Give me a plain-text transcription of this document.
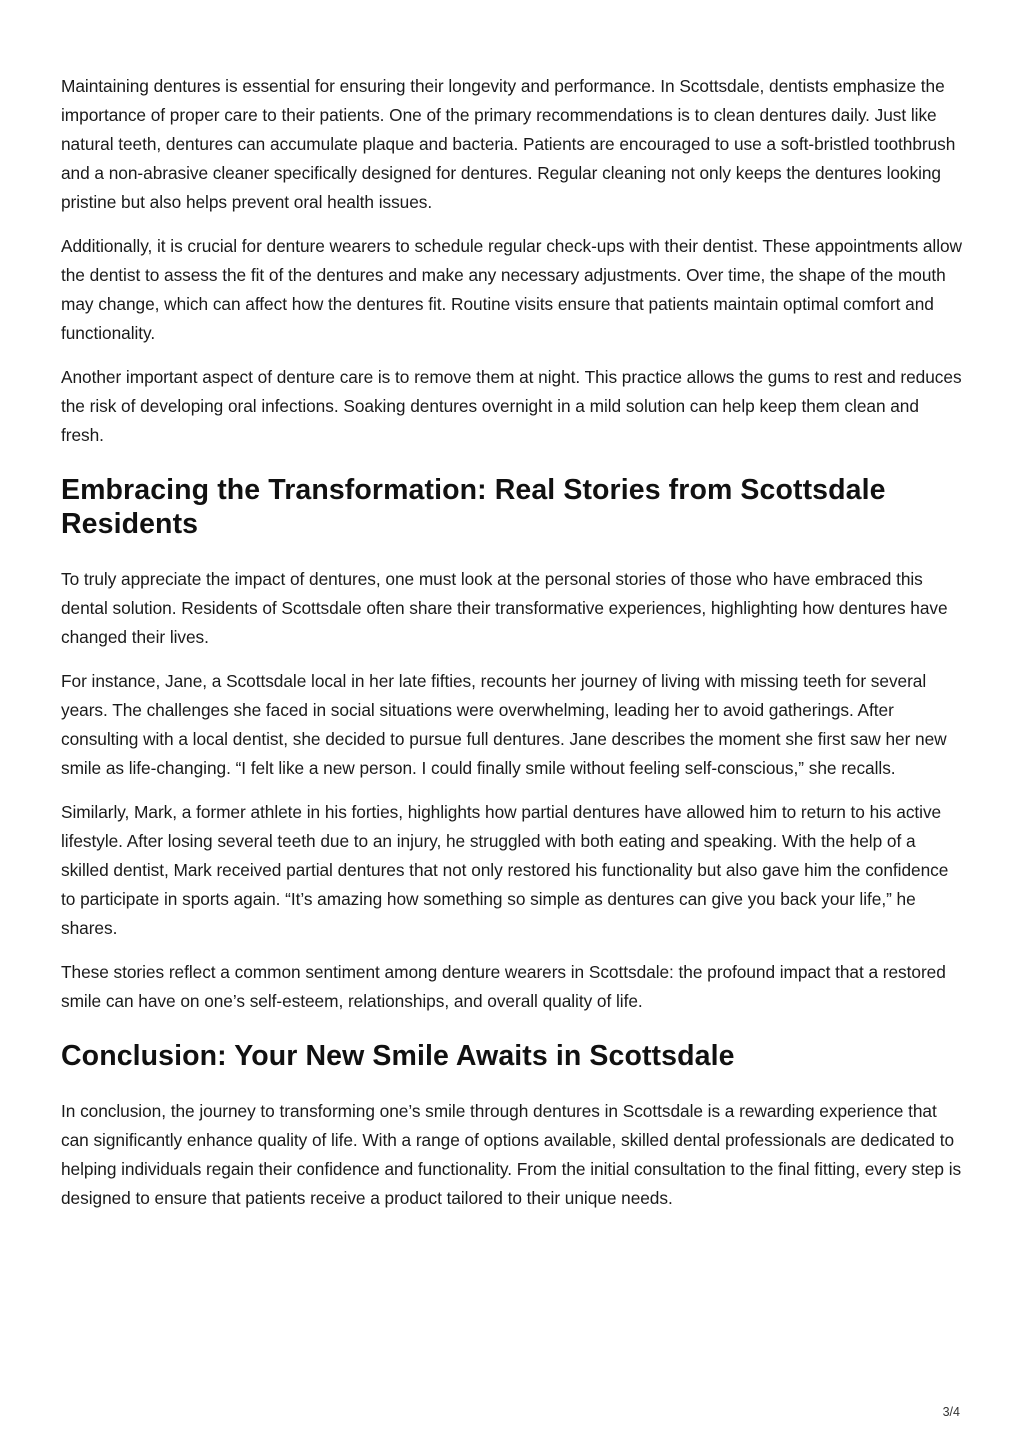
Maintaining dentures is essential for ensuring their longevity and performance. In Scottsdale, dentists emphasize the importance of proper care to their patients. One of the primary recommendations is to clean dentures daily. Just like natural teeth, dentures can accumulate plaque and bacteria. Patients are encouraged to use a soft-bristled toothbrush and a non-abrasive cleaner specifically designed for dentures. Regular cleaning not only keeps the dentures looking pristine but also helps prevent oral health issues.

Additionally, it is crucial for denture wearers to schedule regular check-ups with their dentist. These appointments allow the dentist to assess the fit of the dentures and make any necessary adjustments. Over time, the shape of the mouth may change, which can affect how the dentures fit. Routine visits ensure that patients maintain optimal comfort and functionality.

Another important aspect of denture care is to remove them at night. This practice allows the gums to rest and reduces the risk of developing oral infections. Soaking dentures overnight in a mild solution can help keep them clean and fresh.

Embracing the Transformation: Real Stories from Scottsdale Residents

To truly appreciate the impact of dentures, one must look at the personal stories of those who have embraced this dental solution. Residents of Scottsdale often share their transformative experiences, highlighting how dentures have changed their lives.

For instance, Jane, a Scottsdale local in her late fifties, recounts her journey of living with missing teeth for several years. The challenges she faced in social situations were overwhelming, leading her to avoid gatherings. After consulting with a local dentist, she decided to pursue full dentures. Jane describes the moment she first saw her new smile as life-changing. “I felt like a new person. I could finally smile without feeling self-conscious,” she recalls.

Similarly, Mark, a former athlete in his forties, highlights how partial dentures have allowed him to return to his active lifestyle. After losing several teeth due to an injury, he struggled with both eating and speaking. With the help of a skilled dentist, Mark received partial dentures that not only restored his functionality but also gave him the confidence to participate in sports again. “It’s amazing how something so simple as dentures can give you back your life,” he shares.

These stories reflect a common sentiment among denture wearers in Scottsdale: the profound impact that a restored smile can have on one’s self-esteem, relationships, and overall quality of life.

Conclusion: Your New Smile Awaits in Scottsdale

In conclusion, the journey to transforming one’s smile through dentures in Scottsdale is a rewarding experience that can significantly enhance quality of life. With a range of options available, skilled dental professionals are dedicated to helping individuals regain their confidence and functionality. From the initial consultation to the final fitting, every step is designed to ensure that patients receive a product tailored to their unique needs.

3/4
